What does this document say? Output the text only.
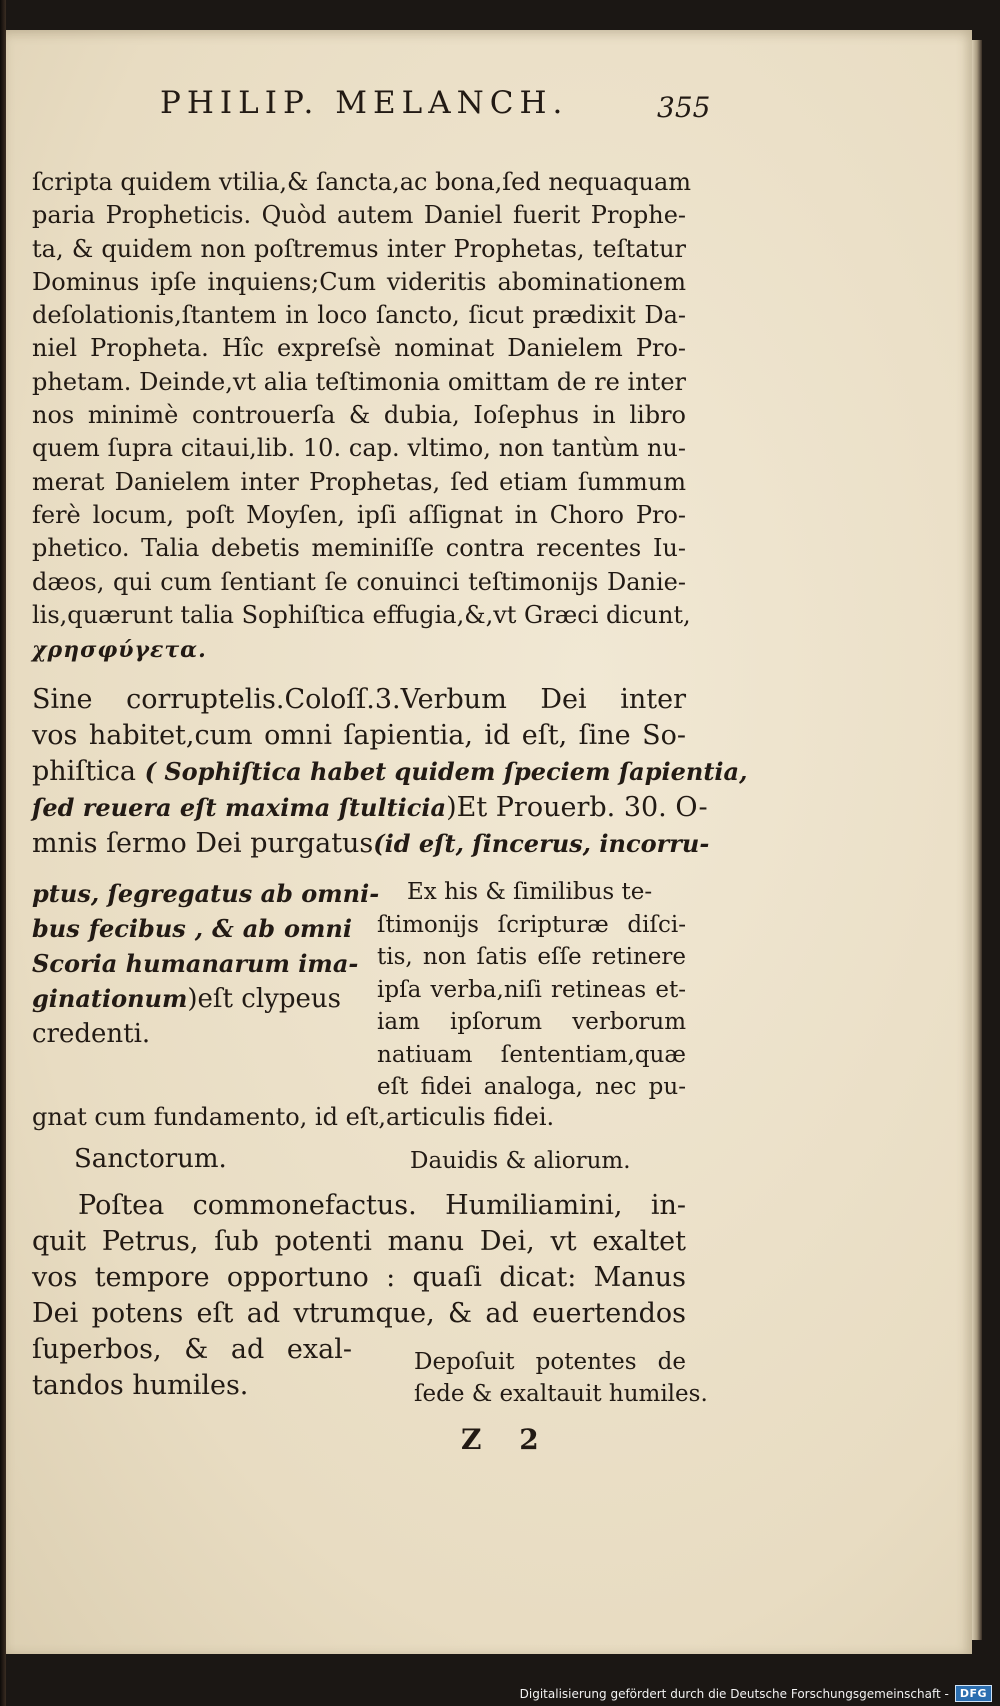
PHILIP. MELANCH.	355
ſcripta quidem vtilia,& ſancta,ac bona,ſed nequaquam
paria Propheticis. Quòd autem Daniel fuerit Prophe-
ta, & quidem non poſtremus inter Prophetas, teſtatur
Dominus ipſe inquiens;Cum videritis abominationem
deſolationis,ſtantem in loco ſancto, ſicut prædixit Da-
niel Propheta. Hîc expreſsè nominat Danielem Pro-
phetam. Deinde,vt alia teſtimonia omittam de re inter
nos minimè controuerſa & dubia, Ioſephus in libro
quem ſupra citaui,lib. 10. cap. vltimo, non tantùm nu-
merat Danielem inter Prophetas, ſed etiam ſummum
ferè locum, poſt Moyſen, ipſi aſſignat in Choro Pro-
phetico. Talia debetis meminiſſe contra recentes Iu-
dæos, qui cum ſentiant ſe conuinci teſtimonijs Danie-
lis,quærunt talia Sophiſtica effugia,&,vt Græci dicunt,
χρησφύγετα.
Sine corruptelis.Coloſſ.3.Verbum Dei inter
vos habitet,cum omni ſapientia, id eſt, ſine So-
phiſtica ( Sophiſtica habet quidem ſpeciem ſapientia,
ſed reuera eſt maxima ſtulticia)Et Prouerb. 30. O-
mnis ſermo Dei purgatus(id eſt, ſincerus, incorru-
ptus, ſegregatus ab omni-
bus fecibus , & ab omni
Scoria humanarum ima-
ginationum)eſt clypeus
credenti.
Ex his & ſimilibus te-
ſtimonijs ſcripturæ diſci-
tis, non ſatis eſſe retinere
ipſa verba,niſi retineas et-
iam ipſorum verborum
natiuam ſententiam,quæ
eſt fidei analoga, nec pu-
gnat cum fundamento, id eſt,articulis fidei.
Sanctorum.	Dauidis & aliorum.
Poſtea commonefactus. Humiliamini, in-
quit Petrus, ſub potenti manu Dei, vt exaltet
vos tempore opportuno : quaſi dicat: Manus
Dei potens eſt ad vtrumque, & ad euertendos
ſuperbos, & ad exal-
tandos humiles.
Depoſuit potentes de
ſede & exaltauit humiles.
Z 2
Digitalisierung gefördert durch die Deutsche Forschungsgemeinschaft -	DFG
